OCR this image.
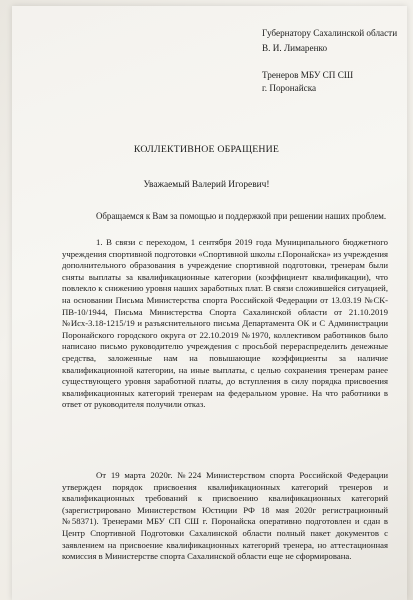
Губернатору Сахалинской области
В. И. Лимаренко
Тренеров МБУ СП СШ
г. Поронайска
КОЛЛЕКТИВНОЕ ОБРАЩЕНИЕ
Уважаемый Валерий Игоревич!
Обращаемся к Вам за помощью и поддержкой при решении наших проблем.

1. В связи с переходом, 1 сентября 2019 года Муниципального бюджетного учреждения спортивной подготовки «Спортивной школы г.Поронайска» из учреждения дополнительного образования в учреждение спортивной подготовки, тренерам были сняты выплаты за квалификационные категории (коэффициент квалификации), что повлекло к снижению уровня наших заработных плат. В связи сложившейся ситуацией, на основании Письма Министерства спорта Российской Федерации от 13.03.19 №СК-ПВ-10/1944, Письма Министерства Спорта Сахалинской области от 21.10.2019 №Исх-3.18-1215/19 и разъяснительного письма Департамента ОК и С Администрации Поронайского городского округа от 22.10.2019 №1970, коллективом работников было написано письмо руководителю учреждения с просьбой перераспределить денежные средства, заложенные нам на повышающие коэффициенты за наличие квалификационной категории, на иные выплаты, с целью сохранения тренерам ранее существующего уровня заработной платы, до вступления в силу порядка присвоения квалификационных категорий тренерам на федеральном уровне. На что работники в ответ от руководителя получили отказ.

От 19 марта 2020г. №224 Министерством спорта Российской Федерации утвержден порядок присвоения квалификационных категорий тренеров и квалификационных требований к присвоению квалификационных категорий (зарегистрировано Министерством Юстиции РФ 18 мая 2020г регистрационный №58371). Тренерами МБУ СП СШ г. Поронайска оперативно подготовлен и сдан в Центр Спортивной Подготовки Сахалинской области полный пакет документов с заявлением на присвоение квалификационных категорий тренера, но аттестационная комиссия в Министерстве спорта Сахалинской области еще не сформирована.
